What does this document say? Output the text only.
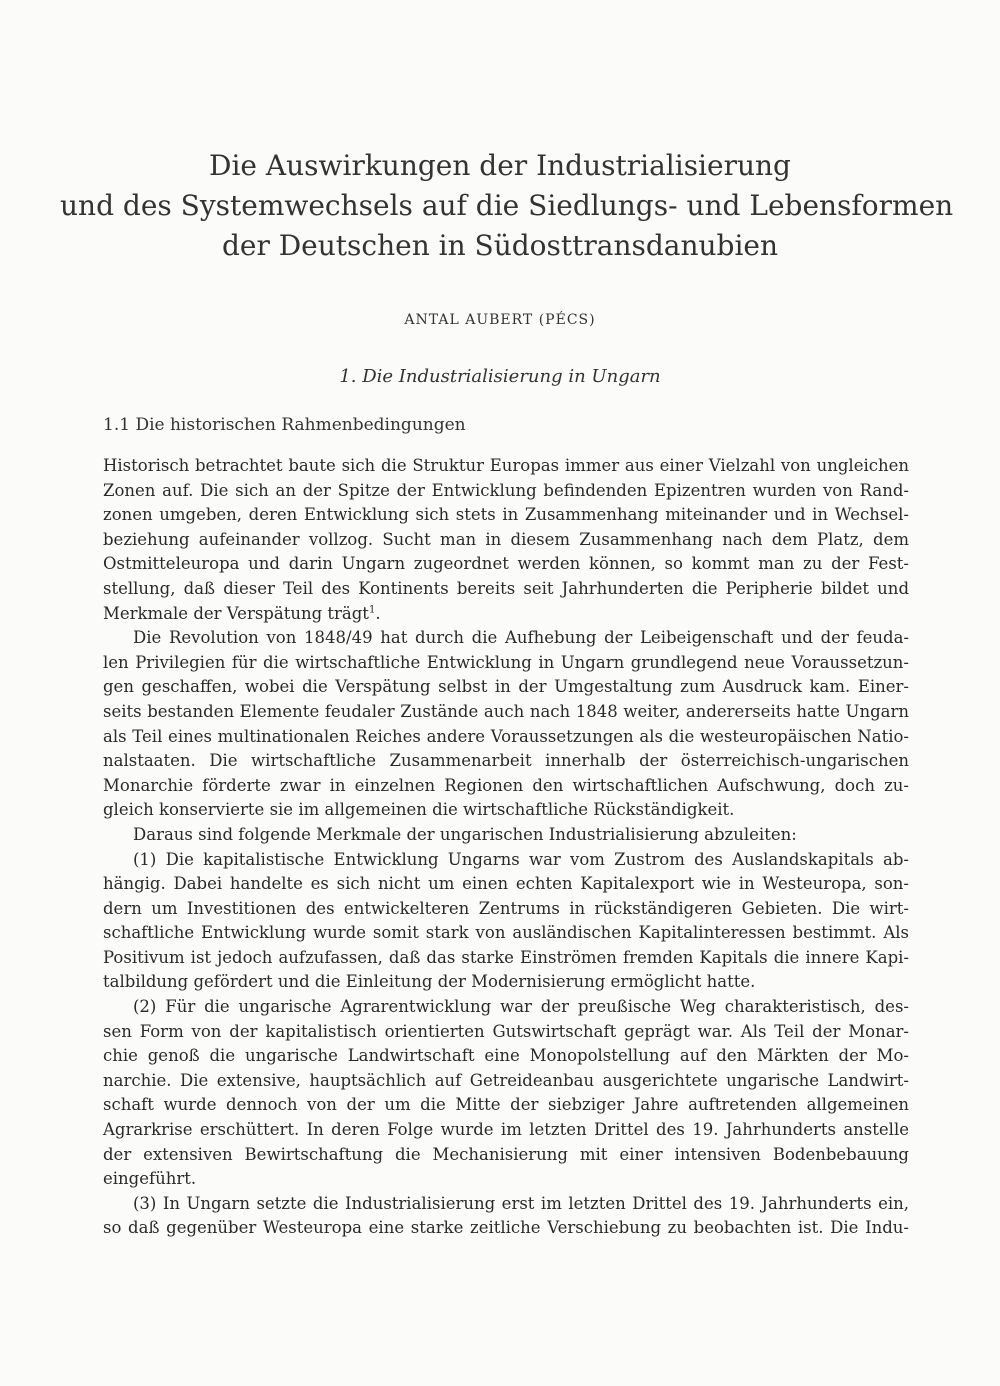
Die Auswirkungen der Industrialisierung
und des Systemwechsels auf die Siedlungs- und Lebensformen
der Deutschen in Südosttransdanubien
ANTAL AUBERT (PÉCS)
1. Die Industrialisierung in Ungarn
1.1 Die historischen Rahmenbedingungen
Historisch betrachtet baute sich die Struktur Europas immer aus einer Vielzahl von ungleichen
Zonen auf. Die sich an der Spitze der Entwicklung befindenden Epizentren wurden von Rand-
zonen umgeben, deren Entwicklung sich stets in Zusammenhang miteinander und in Wechsel-
beziehung aufeinander vollzog. Sucht man in diesem Zusammenhang nach dem Platz, dem
Ostmitteleuropa und darin Ungarn zugeordnet werden können, so kommt man zu der Fest-
stellung, daß dieser Teil des Kontinents bereits seit Jahrhunderten die Peripherie bildet und
Merkmale der Verspätung trägt$^1$.
Die Revolution von 1848/49 hat durch die Aufhebung der Leibeigenschaft und der feuda-
len Privilegien für die wirtschaftliche Entwicklung in Ungarn grundlegend neue Voraussetzun-
gen geschaffen, wobei die Verspätung selbst in der Umgestaltung zum Ausdruck kam. Einer-
seits bestanden Elemente feudaler Zustände auch nach 1848 weiter, andererseits hatte Ungarn
als Teil eines multinationalen Reiches andere Voraussetzungen als die westeuropäischen Natio-
nalstaaten. Die wirtschaftliche Zusammenarbeit innerhalb der österreichisch-ungarischen
Monarchie förderte zwar in einzelnen Regionen den wirtschaftlichen Aufschwung, doch zu-
gleich konservierte sie im allgemeinen die wirtschaftliche Rückständigkeit.
Daraus sind folgende Merkmale der ungarischen Industrialisierung abzuleiten:
(1) Die kapitalistische Entwicklung Ungarns war vom Zustrom des Auslandskapitals ab-
hängig. Dabei handelte es sich nicht um einen echten Kapitalexport wie in Westeuropa, son-
dern um Investitionen des entwickelteren Zentrums in rückständigeren Gebieten. Die wirt-
schaftliche Entwicklung wurde somit stark von ausländischen Kapitalinteressen bestimmt. Als
Positivum ist jedoch aufzufassen, daß das starke Einströmen fremden Kapitals die innere Kapi-
talbildung gefördert und die Einleitung der Modernisierung ermöglicht hatte.
(2) Für die ungarische Agrarentwicklung war der preußische Weg charakteristisch, des-
sen Form von der kapitalistisch orientierten Gutswirtschaft geprägt war. Als Teil der Monar-
chie genoß die ungarische Landwirtschaft eine Monopolstellung auf den Märkten der Mo-
narchie. Die extensive, hauptsächlich auf Getreideanbau ausgerichtete ungarische Landwirt-
schaft wurde dennoch von der um die Mitte der siebziger Jahre auftretenden allgemeinen
Agrarkrise erschüttert. In deren Folge wurde im letzten Drittel des 19. Jahrhunderts anstelle
der extensiven Bewirtschaftung die Mechanisierung mit einer intensiven Bodenbebauung
eingeführt.
(3) In Ungarn setzte die Industrialisierung erst im letzten Drittel des 19. Jahrhunderts ein,
so daß gegenüber Westeuropa eine starke zeitliche Verschiebung zu beobachten ist. Die Indu-
